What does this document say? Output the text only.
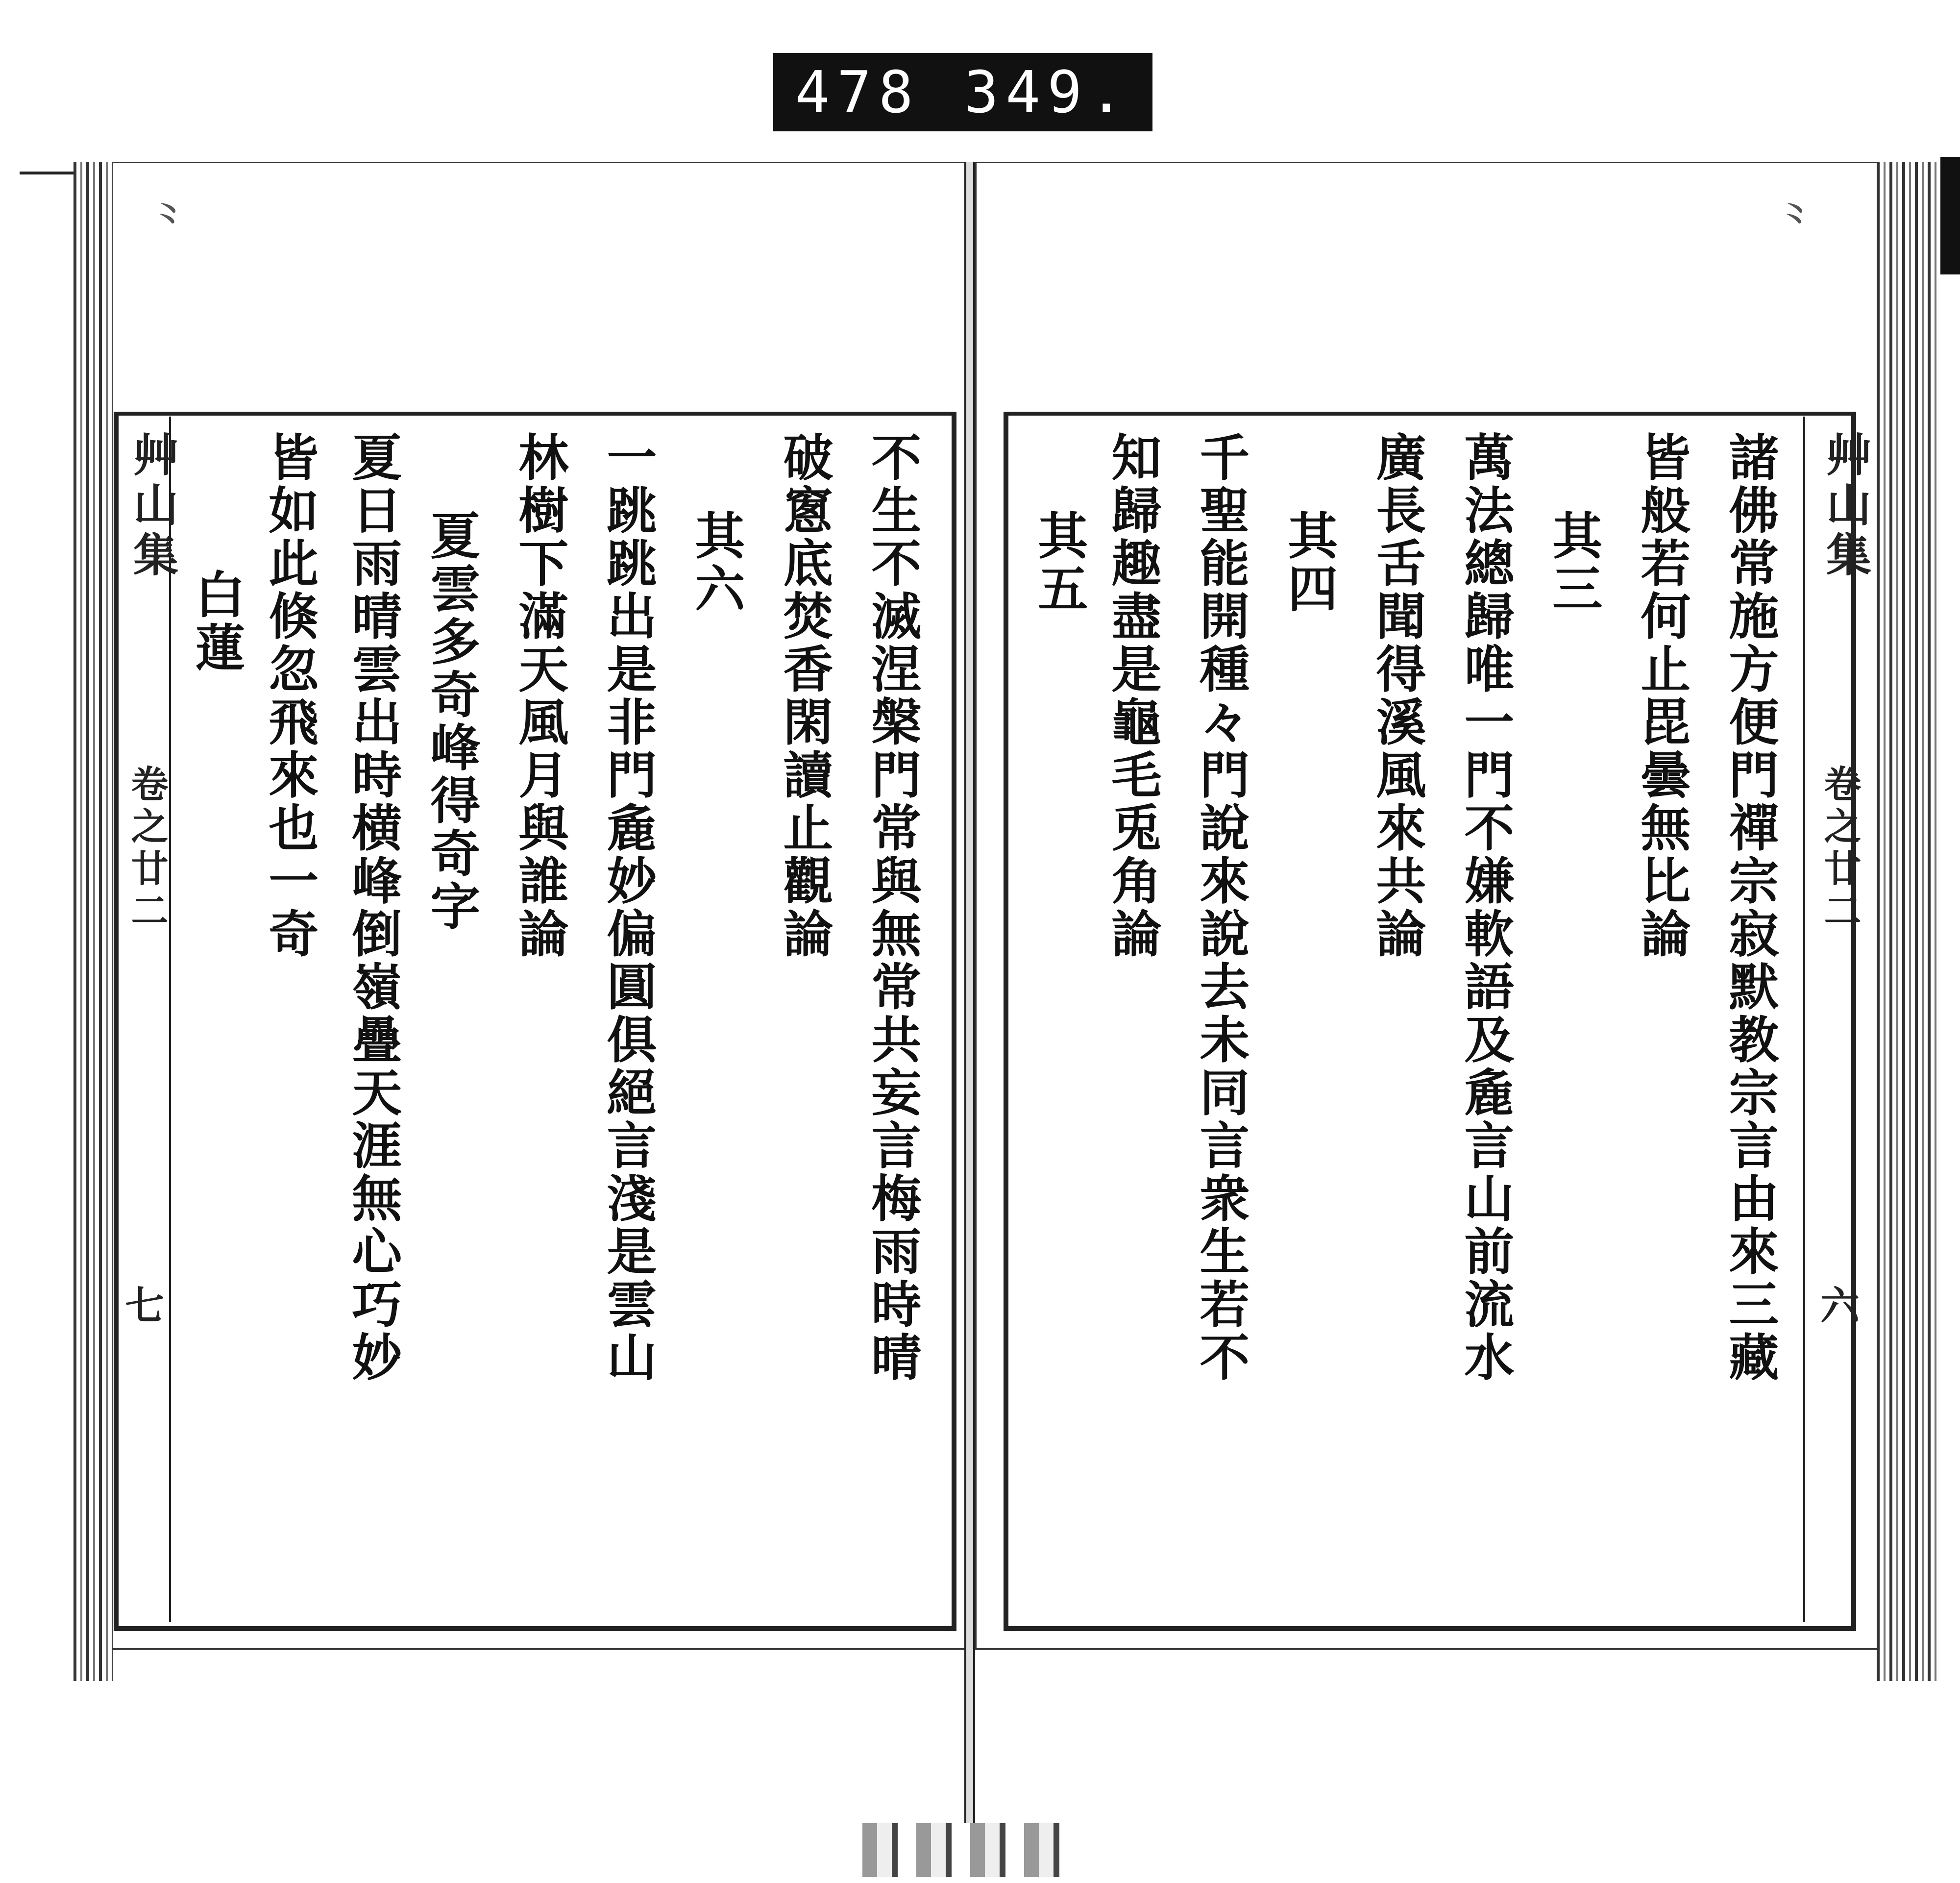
478 349.
⺀	⺀
艸山集
卷之廿二
六
艸山集
卷之廿二
七	諸佛常施方便門禪宗寂默教宗言由來三藏
皆般若何止毘曇無比論
其三
萬法總歸唯一門不嫌軟語及麁言山前流水
廣長舌聞得溪風來共論
其四
千聖能開種々門說來說去未同言衆生若不
知歸趣盡是龜毛兎角論
其五
不生不滅涅槃門常與無常共妄言梅雨時晴
破窻底焚香閑讀止觀論
其六
一跳跳出是非門麁妙偏圓俱絕言淺是雲山
林樹下滿天風月與誰論
夏雲多奇峰得奇字
夏日雨晴雲出時横峰倒嶺疊天涯無心巧妙
皆如此倏忽飛來也一奇
白蓮
